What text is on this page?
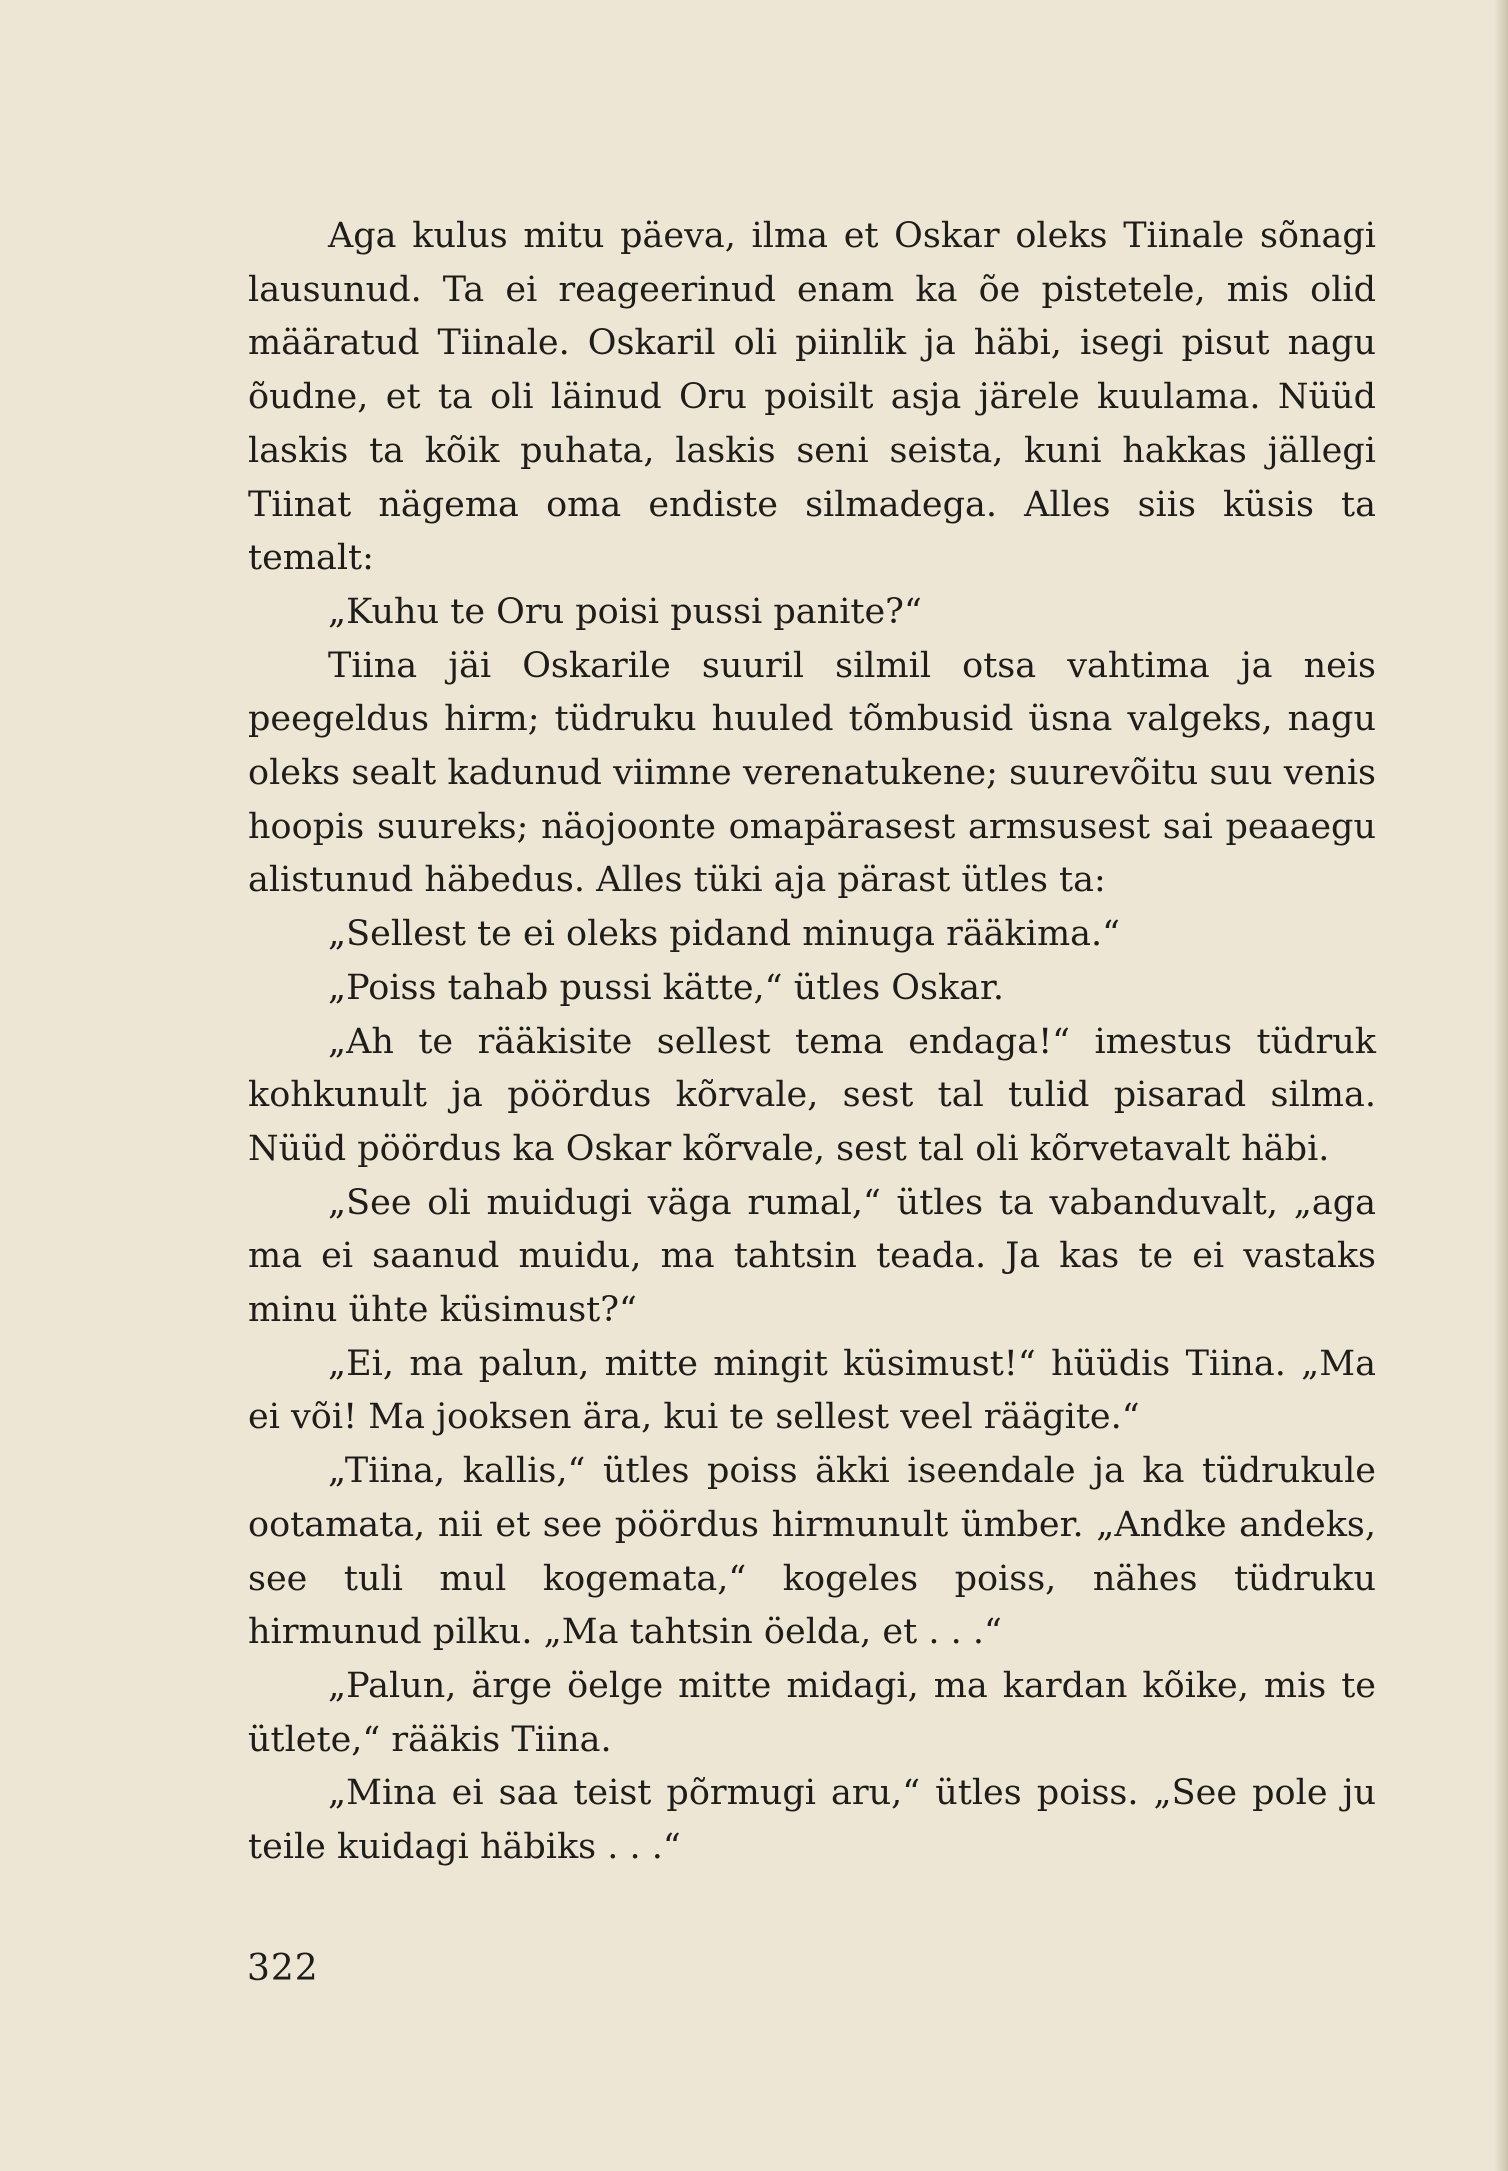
Aga kulus mitu päeva, ilma et Oskar oleks Tiinale sõnagi lausunud. Ta ei reageerinud enam ka õe pistetele, mis olid määratud Tiinale. Oskaril oli piinlik ja häbi, isegi pisut nagu õudne, et ta oli läinud Oru poisilt asja järele kuulama. Nüüd laskis ta kõik puhata, laskis seni seista, kuni hakkas jällegi Tiinat nägema oma endiste silmadega. Alles siis küsis ta temalt:

„Kuhu te Oru poisi pussi panite?“

Tiina jäi Oskarile suuril silmil otsa vahtima ja neis peegeldus hirm; tüdruku huuled tõmbusid üsna valgeks, nagu oleks sealt kadunud viimne verenatukene; suurevõitu suu venis hoopis suureks; näojoonte omapärasest armsusest sai peaaegu alistunud häbedus. Alles tüki aja pärast ütles ta:

„Sellest te ei oleks pidand minuga rääkima.“

„Poiss tahab pussi kätte,“ ütles Oskar.

„Ah te rääkisite sellest tema endaga!“ imestus tüdruk kohkunult ja pöördus kõrvale, sest tal tulid pisarad silma. Nüüd pöördus ka Oskar kõrvale, sest tal oli kõrvetavalt häbi.

„See oli muidugi väga rumal,“ ütles ta vabanduvalt, „aga ma ei saanud muidu, ma tahtsin teada. Ja kas te ei vastaks minu ühte küsimust?“

„Ei, ma palun, mitte mingit küsimust!“ hüüdis Tiina. „Ma ei või! Ma jooksen ära, kui te sellest veel räägite.“

„Tiina, kallis,“ ütles poiss äkki iseendale ja ka tüdrukule ootamata, nii et see pöördus hirmunult ümber. „Andke andeks, see tuli mul kogemata,“ kogeles poiss, nähes tüdruku hirmunud pilku. „Ma tahtsin öelda, et . . .“

„Palun, ärge öelge mitte midagi, ma kardan kõike, mis te ütlete,“ rääkis Tiina.

„Mina ei saa teist põrmugi aru,“ ütles poiss. „See pole ju teile kuidagi häbiks . . .“

322
